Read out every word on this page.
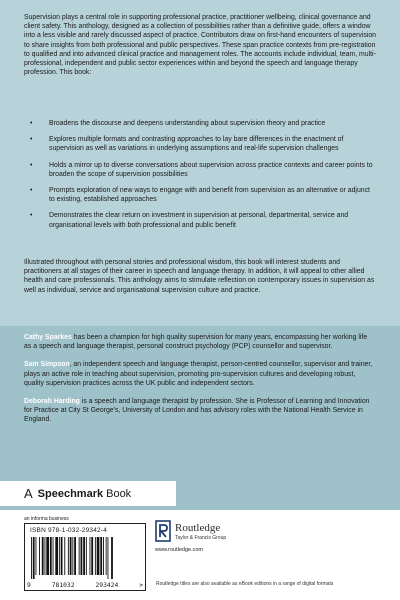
Supervision plays a central role in supporting professional practice, practitioner wellbeing, clinical governance and client safety. This anthology, designed as a collection of possibilities rather than a definitive guide, offers a window into a less visible and rarely discussed aspect of practice. Contributors draw on first-hand encounters of supervision to share insights from both professional and public perspectives. These span practice contexts from pre-registration to qualified and into advanced clinical practice and management roles. The accounts include individual, team, multi-professional, independent and public sector experiences within and beyond the speech and language therapy profession. This book:

• Broadens the discourse and deepens understanding about supervision theory and practice
• Explores multiple formats and contrasting approaches to lay bare differences in the enactment of supervision as well as variations in underlying assumptions and real-life supervision challenges
• Holds a mirror up to diverse conversations about supervision across practice contexts and career points to broaden the scope of supervision possibilities
• Prompts exploration of new ways to engage with and benefit from supervision as an alternative or adjunct to existing, established approaches
• Demonstrates the clear return on investment in supervision at personal, departmental, service and organisational levels with both professional and public benefit

Illustrated throughout with personal stories and professional wisdom, this book will interest students and practitioners at all stages of their career in speech and language therapy. In addition, it will appeal to other allied health and care professionals. This anthology aims to stimulate reflection on contemporary issues in supervision as well as individual, service and organisational supervision culture and practice.

Cathy Sparkes has been a champion for high quality supervision for many years, encompassing her working life as a speech and language therapist, personal construct psychology (PCP) counsellor and supervisor.

Sam Simpson, an independent speech and language therapist, person-centred counsellor, supervisor and trainer, plays an active role in teaching about supervision, promoting pro-supervision cultures and developing robust, quality supervision practices across the UK public and independent sectors.

Deborah Harding is a speech and language therapist by profession. She is Professor of Learning and Innovation for Practice at City St George’s, University of London and has advisory roles with the National Health Service in England.

A Speechmark Book
an informa business
ISBN 978-1-032-29342-4
9	781032	293424	>
Routledge
Taylor & Francis Group
www.routledge.com
Routledge titles are also available as eBook editions in a range of digital formats
